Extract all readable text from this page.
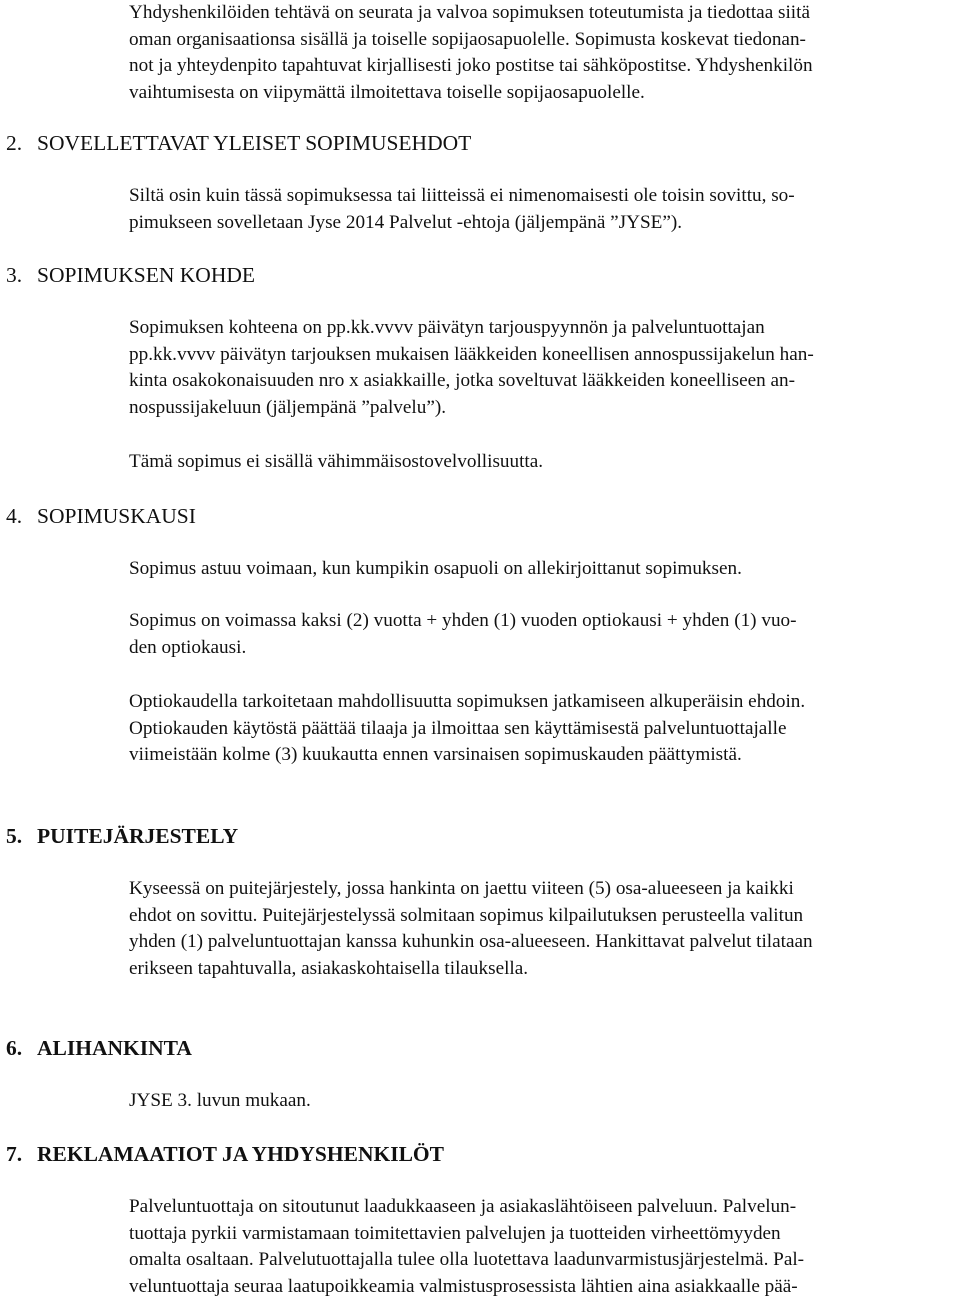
Yhdyshenkilöiden tehtävä on seurata ja valvoa sopimuksen toteutumista ja tiedottaa siitä
oman organisaationsa sisällä ja toiselle sopijaosapuolelle. Sopimusta koskevat tiedonan-
not ja yhteydenpito tapahtuvat kirjallisesti joko postitse tai sähköpostitse. Yhdyshenkilön
vaihtumisesta on viipymättä ilmoitettava toiselle sopijaosapuolelle.
2. SOVELLETTAVAT YLEISET SOPIMUSEHDOT
Siltä osin kuin tässä sopimuksessa tai liitteissä ei nimenomaisesti ole toisin sovittu, so-
pimukseen sovelletaan Jyse 2014 Palvelut -ehtoja (jäljempänä ”JYSE”).
3. SOPIMUKSEN KOHDE
Sopimuksen kohteena on pp.kk.vvvv päivätyn tarjouspyynnön ja palveluntuottajan
pp.kk.vvvv päivätyn tarjouksen mukaisen lääkkeiden koneellisen annospussijakelun han-
kinta osakokonaisuuden nro x asiakkaille, jotka soveltuvat lääkkeiden koneelliseen an-
nospussijakeluun (jäljempänä ”palvelu”).
Tämä sopimus ei sisällä vähimmäisostovelvollisuutta.
4. SOPIMUSKAUSI
Sopimus astuu voimaan, kun kumpikin osapuoli on allekirjoittanut sopimuksen.
Sopimus on voimassa kaksi (2) vuotta + yhden (1) vuoden optiokausi + yhden (1) vuo-
den optiokausi.
Optiokaudella tarkoitetaan mahdollisuutta sopimuksen jatkamiseen alkuperäisin ehdoin.
Optiokauden käytöstä päättää tilaaja ja ilmoittaa sen käyttämisestä palveluntuottajalle
viimeistään kolme (3) kuukautta ennen varsinaisen sopimuskauden päättymistä.
5. PUITEJÄRJESTELY
Kyseessä on puitejärjestely, jossa hankinta on jaettu viiteen (5) osa-alueeseen ja kaikki
ehdot on sovittu. Puitejärjestelyssä solmitaan sopimus kilpailutuksen perusteella valitun
yhden (1) palveluntuottajan kanssa kuhunkin osa-alueeseen. Hankittavat palvelut tilataan
erikseen tapahtuvalla, asiakaskohtaisella tilauksella.
6. ALIHANKINTA
JYSE 3. luvun mukaan.
7. REKLAMAATIOT JA YHDYSHENKILÖT
Palveluntuottaja on sitoutunut laadukkaaseen ja asiakaslähtöiseen palveluun. Palvelun-
tuottaja pyrkii varmistamaan toimitettavien palvelujen ja tuotteiden virheettömyyden
omalta osaltaan. Palvelutuottajalla tulee olla luotettava laadunvarmistusjärjestelmä. Pal-
veluntuottaja seuraa laatupoikkeamia valmistusprosessista lähtien aina asiakkaalle pää-
